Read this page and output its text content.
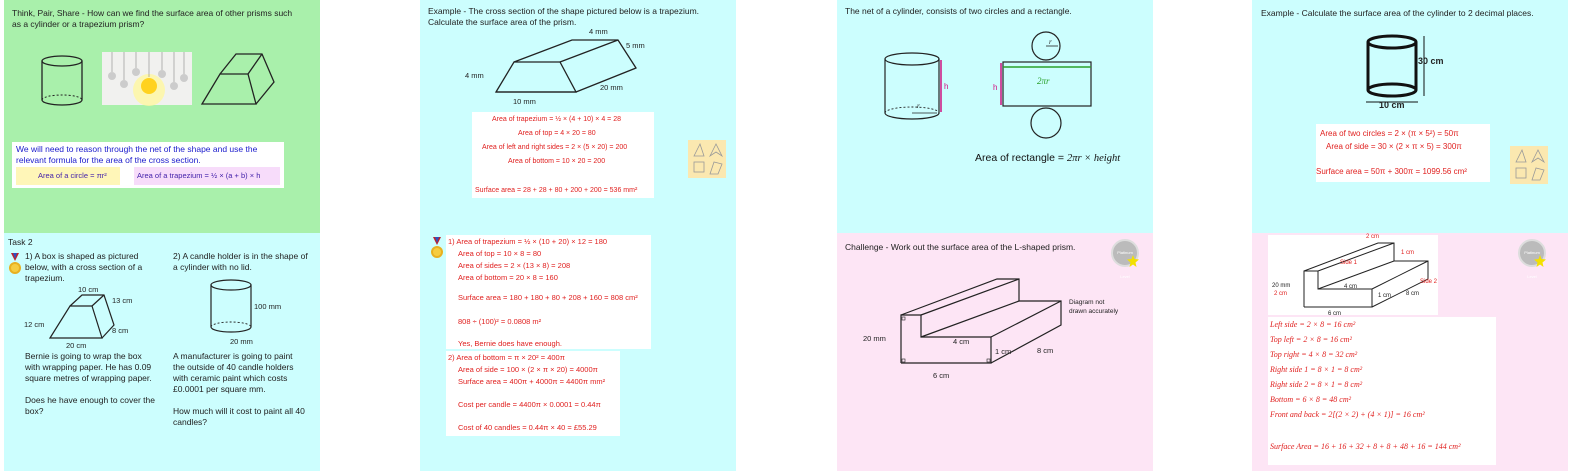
Think, Pair, Share - How can we find the surface area of other prisms such
as a cylinder or a trapezium prism?
We will need to reason through the net of the shape and use the
relevant formula for the area of the cross section.
Area of a circle = πr²	Area of a trapezium = ½ × (a + b) × h
Task 2
1) A box is shaped as pictured
below, with a cross section of a
trapezium.
10 cm
13 cm
12 cm
8 cm
20 cm
Bernie is going to wrap the box
with wrapping paper. He has 0.09
square metres of wrapping paper.
Does he have enough to cover the
box?
2) A candle holder is in the shape of
a cylinder with no lid.
100 mm
20 mm
A manufacturer is going to paint
the outside of 40 candle holders
with ceramic paint which costs
£0.0001 per square mm.
How much will it cost to paint all 40
candles?
Example - The cross section of the shape pictured below is a trapezium.
Calculate the surface area of the prism.
4 mm
5 mm
4 mm
10 mm
20 mm
Area of trapezium = ½ × (4 + 10) × 4 = 28
Area of top = 4 × 20 = 80
Area of left and right sides = 2 × (5 × 20) = 200
Area of bottom = 10 × 20 = 200
Surface area = 28 + 28 + 80 + 200 + 200 = 536 mm²
1) Area of trapezium = ½ × (10 + 20) × 12 = 180
Area of top = 10 × 8 = 80
Area of sides = 2 × (13 × 8) = 208
Area of bottom = 20 × 8 = 160
Surface area = 180 + 180 + 80 + 208 + 160 = 808 cm²
808 ÷ (100)² = 0.0808 m²
Yes, Bernie does have enough.
2) Area of bottom = π × 20² = 400π
Area of side = 100 × (2 × π × 20) = 4000π
Surface area = 400π + 4000π = 4400π mm²
Cost per candle = 4400π × 0.0001 = 0.44π
Cost of 40 candles = 0.44π × 40 = £55.29
The net of a cylinder, consists of two circles and a rectangle.
r
h
r
h
2πr
Area of rectangle = 2πr × height
Challenge - Work out the surface area of the L-shaped prism.
Platinum Level
Diagram not
drawn accurately
20 mm	4 cm
1 cm	8 cm
6 cm
Example - Calculate the surface area of the cylinder to 2 decimal places.
30 cm
10 cm
Area of two circles = 2 × (π × 5²) = 50π
Area of side = 30 × (2 × π × 5) = 300π
Surface area = 50π + 300π = 1099.56 cm²
Platinum Level
2 cm
1 cm
Side 1
Side 2
20 mm
2 cm
4 cm
1 cm 8 cm
6 cm
Left side = 2 × 8 = 16 cm²
Top left = 2 × 8 = 16 cm²
Top right = 4 × 8 = 32 cm²
Right side 1 = 8 × 1 = 8 cm²
Right side 2 = 8 × 1 = 8 cm²
Bottom = 6 × 8 = 48 cm²
Front and back = 2[(2 × 2) + (4 × 1)] = 16 cm²
Surface Area = 16 + 16 + 32 + 8 + 8 + 48 + 16 = 144 cm²
